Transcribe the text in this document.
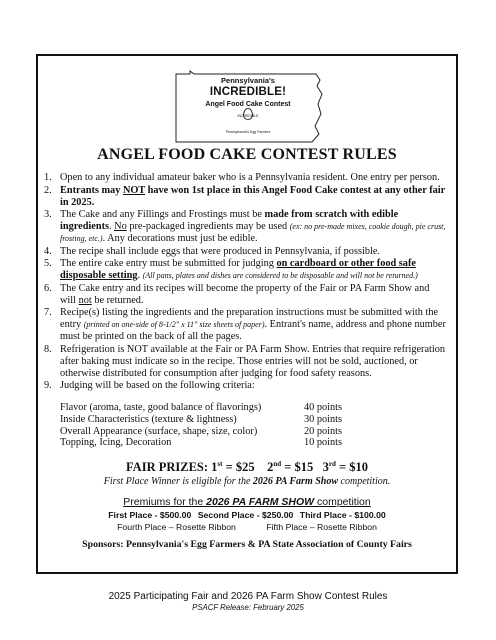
Pennsylvania's
INCREDIBLE!
Angel Food Cake Contest
INCREDIBLE
Pennsylvania's Egg Farmers
ANGEL FOOD CAKE CONTEST RULES
1. Open to any individual amateur baker who is a Pennsylvania resident. One entry per person.
2. Entrants may NOT have won 1st place in this Angel Food Cake contest at any other fair in 2025.
3. The Cake and any Fillings and Frostings must be made from scratch with edible ingredients. No pre-packaged ingredients may be used (ex: no pre-made mixes, cookie dough, pie crust, frosting, etc.). Any decorations must just be edible.
4. The recipe shall include eggs that were produced in Pennsylvania, if possible.
5. The entire cake entry must be submitted for judging on cardboard or other food safe disposable setting. (All pans, plates and dishes are considered to be disposable and will not be returned.)
6. The Cake entry and its recipes will become the property of the Fair or PA Farm Show and will not be returned.
7. Recipe(s) listing the ingredients and the preparation instructions must be submitted with the entry (printed on one-side of 8-1/2" x 11" size sheets of paper). Entrant's name, address and phone number must be printed on the back of all the pages.
8. Refrigeration is NOT available at the Fair or PA Farm Show. Entries that require refrigeration after baking must indicate so in the recipe. Those entries will not be sold, auctioned, or otherwise distributed for consumption after judging for food safety reasons.
9. Judging will be based on the following criteria:
Flavor (aroma, taste, good balance of flavorings)	40 points
Inside Characteristics (texture & lightness)	30 points
Overall Appearance (surface, shape, size, color)	20 points
Topping, Icing, Decoration	10 points
FAIR PRIZES: 1st = $25 2nd = $15 3rd = $10
First Place Winner is eligible for the 2026 PA Farm Show competition.
Premiums for the 2026 PA FARM SHOW competition
First Place - $500.00 Second Place - $250.00 Third Place - $100.00
Fourth Place – Rosette Ribbon	Fifth Place – Rosette Ribbon
Sponsors: Pennsylvania's Egg Farmers & PA State Association of County Fairs
2025 Participating Fair and 2026 PA Farm Show Contest Rules
PSACF Release: February 2025
